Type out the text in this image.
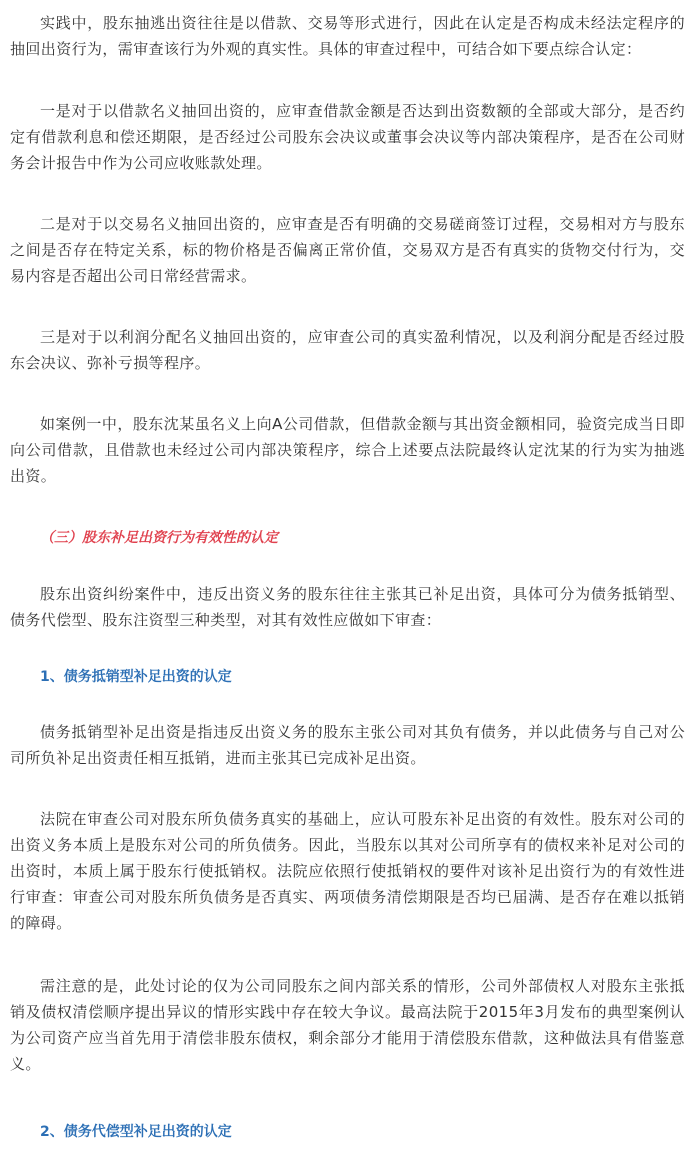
实践中，股东抽逃出资往往是以借款、交易等形式进行，因此在认定是否构成未经法定程序的抽回出资行为，需审查该行为外观的真实性。具体的审查过程中，可结合如下要点综合认定：

一是对于以借款名义抽回出资的，应审查借款金额是否达到出资数额的全部或大部分，是否约定有借款利息和偿还期限，是否经过公司股东会决议或董事会决议等内部决策程序，是否在公司财务会计报告中作为公司应收账款处理。

二是对于以交易名义抽回出资的，应审查是否有明确的交易磋商签订过程，交易相对方与股东之间是否存在特定关系，标的物价格是否偏离正常价值，交易双方是否有真实的货物交付行为，交易内容是否超出公司日常经营需求。

三是对于以利润分配名义抽回出资的，应审查公司的真实盈利情况，以及利润分配是否经过股东会决议、弥补亏损等程序。

如案例一中，股东沈某虽名义上向A公司借款，但借款金额与其出资金额相同，验资完成当日即向公司借款，且借款也未经过公司内部决策程序，综合上述要点法院最终认定沈某的行为实为抽逃出资。

（三）股东补足出资行为有效性的认定

股东出资纠纷案件中，违反出资义务的股东往往主张其已补足出资，具体可分为债务抵销型、债务代偿型、股东注资型三种类型，对其有效性应做如下审查：

1、债务抵销型补足出资的认定

债务抵销型补足出资是指违反出资义务的股东主张公司对其负有债务，并以此债务与自己对公司所负补足出资责任相互抵销，进而主张其已完成补足出资。

法院在审查公司对股东所负债务真实的基础上，应认可股东补足出资的有效性。股东对公司的出资义务本质上是股东对公司的所负债务。因此，当股东以其对公司所享有的债权来补足对公司的出资时，本质上属于股东行使抵销权。法院应依照行使抵销权的要件对该补足出资行为的有效性进行审查：审查公司对股东所负债务是否真实、两项债务清偿期限是否均已届满、是否存在难以抵销的障碍。

需注意的是，此处讨论的仅为公司同股东之间内部关系的情形，公司外部债权人对股东主张抵销及债权清偿顺序提出异议的情形实践中存在较大争议。最高法院于2015年3月发布的典型案例认为公司资产应当首先用于清偿非股东债权，剩余部分才能用于清偿股东借款，这种做法具有借鉴意义。

2、债务代偿型补足出资的认定
